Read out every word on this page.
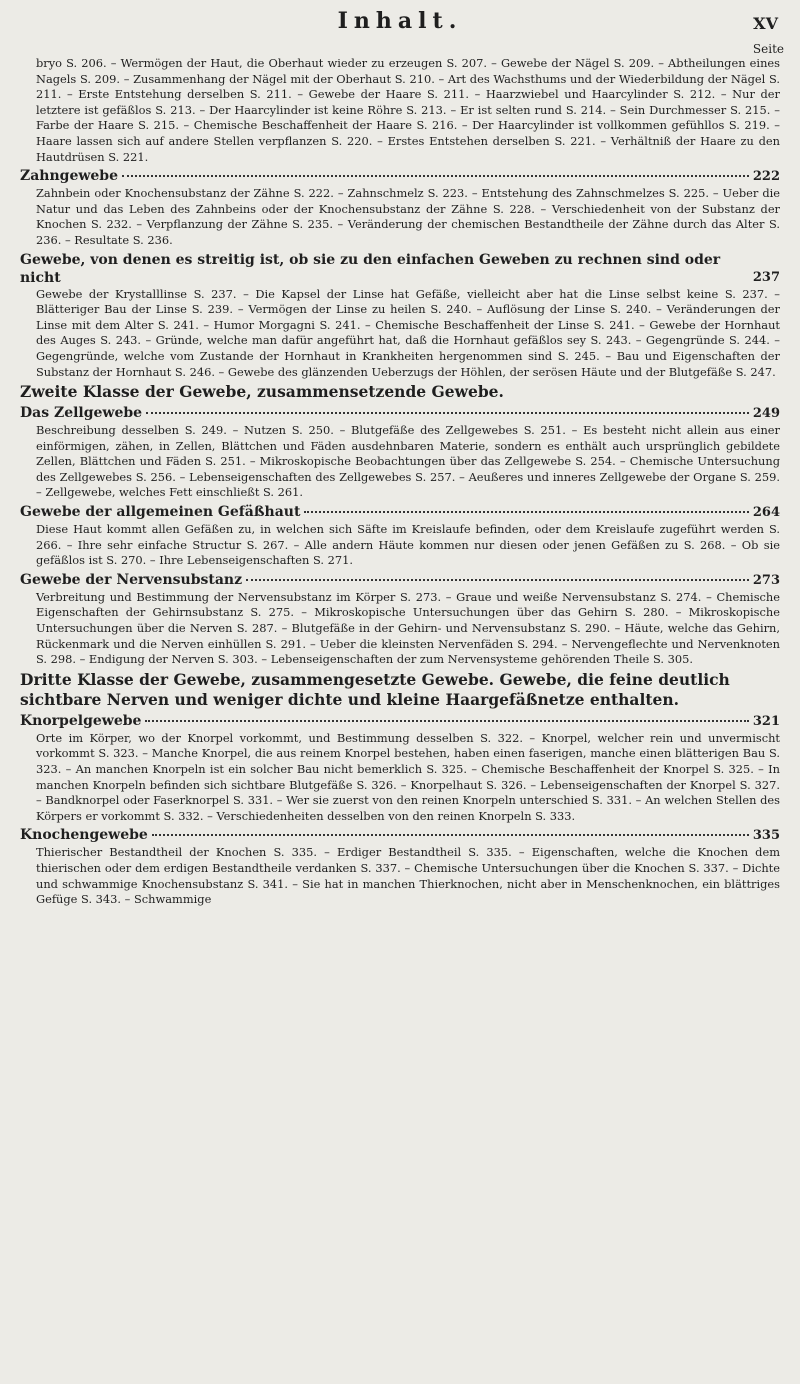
Inhalt.	XV
Seite

bryo S. 206. – Wermögen der Haut, die Oberhaut wieder zu erzeugen S. 207. – Gewebe der Nägel S. 209. – Abtheilungen eines Nagels S. 209. – Zusammenhang der Nägel mit der Oberhaut S. 210. – Art des Wachsthums und der Wiederbildung der Nägel S. 211. – Erste Entstehung derselben S. 211. – Gewebe der Haare S. 211. – Haarzwiebel und Haarcylinder S. 212. – Nur der letztere ist gefäßlos S. 213. – Der Haarcylinder ist keine Röhre S. 213. – Er ist selten rund S. 214. – Sein Durchmesser S. 215. – Farbe der Haare S. 215. – Chemische Beschaffenheit der Haare S. 216. – Der Haarcylinder ist vollkommen gefühllos S. 219. – Haare lassen sich auf andere Stellen verpflanzen S. 220. – Erstes Entstehen derselben S. 221. – Verhältniß der Haare zu den Hautdrüsen S. 221.

Zahngewebe	222

Zahnbein oder Knochensubstanz der Zähne S. 222. – Zahnschmelz S. 223. – Entstehung des Zahnschmelzes S. 225. – Ueber die Natur und das Leben des Zahnbeins oder der Knochensubstanz der Zähne S. 228. – Verschiedenheit von der Substanz der Knochen S. 232. – Verpflanzung der Zähne S. 235. – Veränderung der chemischen Bestandtheile der Zähne durch das Alter S. 236. – Resultate S. 236.

Gewebe, von denen es streitig ist, ob sie zu den einfachen Geweben zu rechnen sind oder nicht	237

Gewebe der Krystalllinse S. 237. – Die Kapsel der Linse hat Gefäße, vielleicht aber hat die Linse selbst keine S. 237. – Blätteriger Bau der Linse S. 239. – Vermögen der Linse zu heilen S. 240. – Auflösung der Linse S. 240. – Veränderungen der Linse mit dem Alter S. 241. – Humor Morgagni S. 241. – Chemische Beschaffenheit der Linse S. 241. – Gewebe der Hornhaut des Auges S. 243. – Gründe, welche man dafür angeführt hat, daß die Hornhaut gefäßlos sey S. 243. – Gegengründe S. 244. – Gegengründe, welche vom Zustande der Hornhaut in Krankheiten hergenommen sind S. 245. – Bau und Eigenschaften der Substanz der Hornhaut S. 246. – Gewebe des glänzenden Ueberzugs der Höhlen, der serösen Häute und der Blutgefäße S. 247.

Zweite Klasse der Gewebe, zusammensetzende Gewebe.
Das Zellgewebe	249

Beschreibung desselben S. 249. – Nutzen S. 250. – Blutgefäße des Zellgewebes S. 251. – Es besteht nicht allein aus einer einförmigen, zähen, in Zellen, Blättchen und Fäden ausdehnbaren Materie, sondern es enthält auch ursprünglich gebildete Zellen, Blättchen und Fäden S. 251. – Mikroskopische Beobachtungen über das Zellgewebe S. 254. – Chemische Untersuchung des Zellgewebes S. 256. – Lebenseigenschaften des Zellgewebes S. 257. – Aeußeres und inneres Zellgewebe der Organe S. 259. – Zellgewebe, welches Fett einschließt S. 261.

Gewebe der allgemeinen Gefäßhaut	264

Diese Haut kommt allen Gefäßen zu, in welchen sich Säfte im Kreislaufe befinden, oder dem Kreislaufe zugeführt werden S. 266. – Ihre sehr einfache Structur S. 267. – Alle andern Häute kommen nur diesen oder jenen Gefäßen zu S. 268. – Ob sie gefäßlos ist S. 270. – Ihre Lebenseigenschaften S. 271.

Gewebe der Nervensubstanz	273

Verbreitung und Bestimmung der Nervensubstanz im Körper S. 273. – Graue und weiße Nervensubstanz S. 274. – Chemische Eigenschaften der Gehirnsubstanz S. 275. – Mikroskopische Untersuchungen über das Gehirn S. 280. – Mikroskopische Untersuchungen über die Nerven S. 287. – Blutgefäße in der Gehirn- und Nervensubstanz S. 290. – Häute, welche das Gehirn, Rückenmark und die Nerven einhüllen S. 291. – Ueber die kleinsten Nervenfäden S. 294. – Nervengeflechte und Nervenknoten S. 298. – Endigung der Nerven S. 303. – Lebenseigenschaften der zum Nervensysteme gehörenden Theile S. 305.

Dritte Klasse der Gewebe, zusammengesetzte Gewebe. Gewebe, die feine deutlich sichtbare Nerven und weniger dichte und kleine Haargefäßnetze enthalten.
Knorpelgewebe	321

Orte im Körper, wo der Knorpel vorkommt, und Bestimmung desselben S. 322. – Knorpel, welcher rein und unvermischt vorkommt S. 323. – Manche Knorpel, die aus reinem Knorpel bestehen, haben einen faserigen, manche einen blätterigen Bau S. 323. – An manchen Knorpeln ist ein solcher Bau nicht bemerklich S. 325. – Chemische Beschaffenheit der Knorpel S. 325. – In manchen Knorpeln befinden sich sichtbare Blutgefäße S. 326. – Knorpelhaut S. 326. – Lebenseigenschaften der Knorpel S. 327. – Bandknorpel oder Faserknorpel S. 331. – Wer sie zuerst von den reinen Knorpeln unterschied S. 331. – An welchen Stellen des Körpers er vorkommt S. 332. – Verschiedenheiten desselben von den reinen Knorpeln S. 333.

Knochengewebe	335

Thierischer Bestandtheil der Knochen S. 335. – Erdiger Bestandtheil S. 335. – Eigenschaften, welche die Knochen dem thierischen oder dem erdigen Bestandtheile verdanken S. 337. – Chemische Untersuchungen über die Knochen S. 337. – Dichte und schwammige Knochensubstanz S. 341. – Sie hat in manchen Thierknochen, nicht aber in Menschenknochen, ein blättriges Gefüge S. 343. – Schwammige
